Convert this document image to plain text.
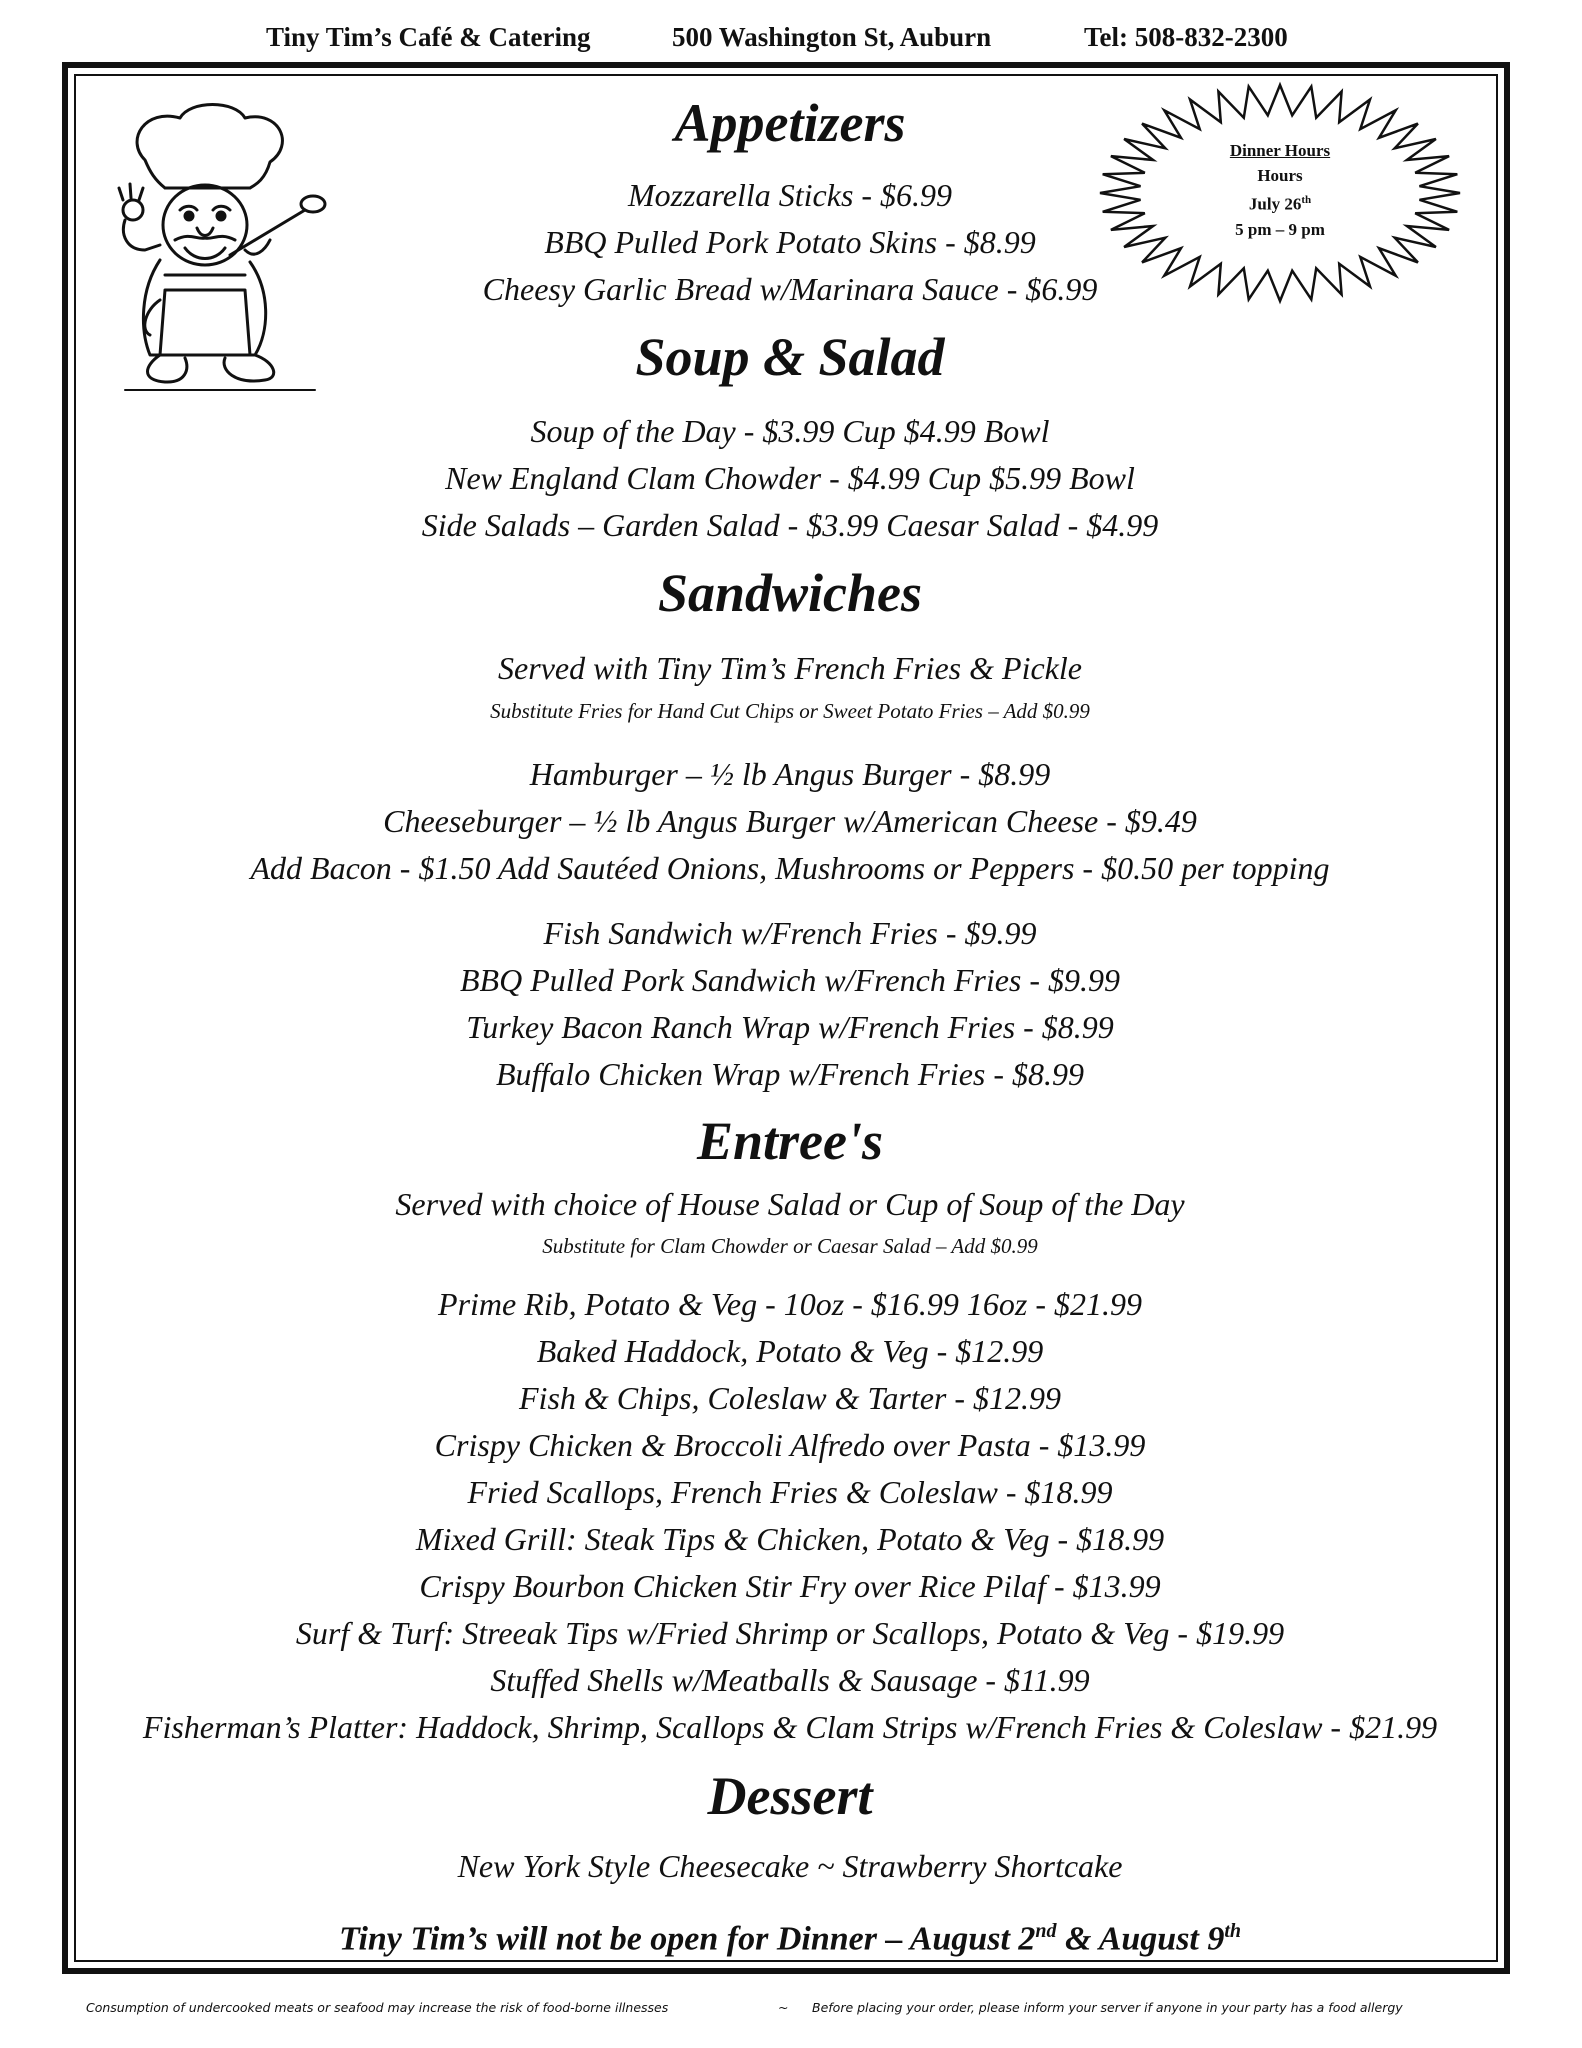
Tiny Tim’s Café & Catering	500 Washington St, Auburn	Tel: 508-832-2300
Dinner Hours
Hours
July 26th
5 pm – 9 pm
Appetizers
Mozzarella Sticks - $6.99
BBQ Pulled Pork Potato Skins - $8.99
Cheesy Garlic Bread w/Marinara Sauce - $6.99
Soup & Salad
Soup of the Day - $3.99 Cup $4.99 Bowl
New England Clam Chowder - $4.99 Cup $5.99 Bowl
Side Salads – Garden Salad - $3.99 Caesar Salad - $4.99
Sandwiches
Served with Tiny Tim’s French Fries & Pickle
Substitute Fries for Hand Cut Chips or Sweet Potato Fries – Add $0.99
Hamburger – ½ lb Angus Burger - $8.99
Cheeseburger – ½ lb Angus Burger w/American Cheese - $9.49
Add Bacon - $1.50 Add Sautéed Onions, Mushrooms or Peppers - $0.50 per topping
Fish Sandwich w/French Fries - $9.99
BBQ Pulled Pork Sandwich w/French Fries - $9.99
Turkey Bacon Ranch Wrap w/French Fries - $8.99
Buffalo Chicken Wrap w/French Fries - $8.99
Entree's
Served with choice of House Salad or Cup of Soup of the Day
Substitute for Clam Chowder or Caesar Salad – Add $0.99
Prime Rib, Potato & Veg - 10oz - $16.99 16oz - $21.99
Baked Haddock, Potato & Veg - $12.99
Fish & Chips, Coleslaw & Tarter - $12.99
Crispy Chicken & Broccoli Alfredo over Pasta - $13.99
Fried Scallops, French Fries & Coleslaw - $18.99
Mixed Grill: Steak Tips & Chicken, Potato & Veg - $18.99
Crispy Bourbon Chicken Stir Fry over Rice Pilaf - $13.99
Surf & Turf: Streeak Tips w/Fried Shrimp or Scallops, Potato & Veg - $19.99
Stuffed Shells w/Meatballs & Sausage - $11.99
Fisherman’s Platter: Haddock, Shrimp, Scallops & Clam Strips w/French Fries & Coleslaw - $21.99
Dessert
New York Style Cheesecake ~ Strawberry Shortcake
Tiny Tim’s will not be open for Dinner – August 2nd & August 9th
Consumption of undercooked meats or seafood may increase the risk of food-borne illnesses	~ Before placing your order, please inform your server if anyone in your party has a food allergy
